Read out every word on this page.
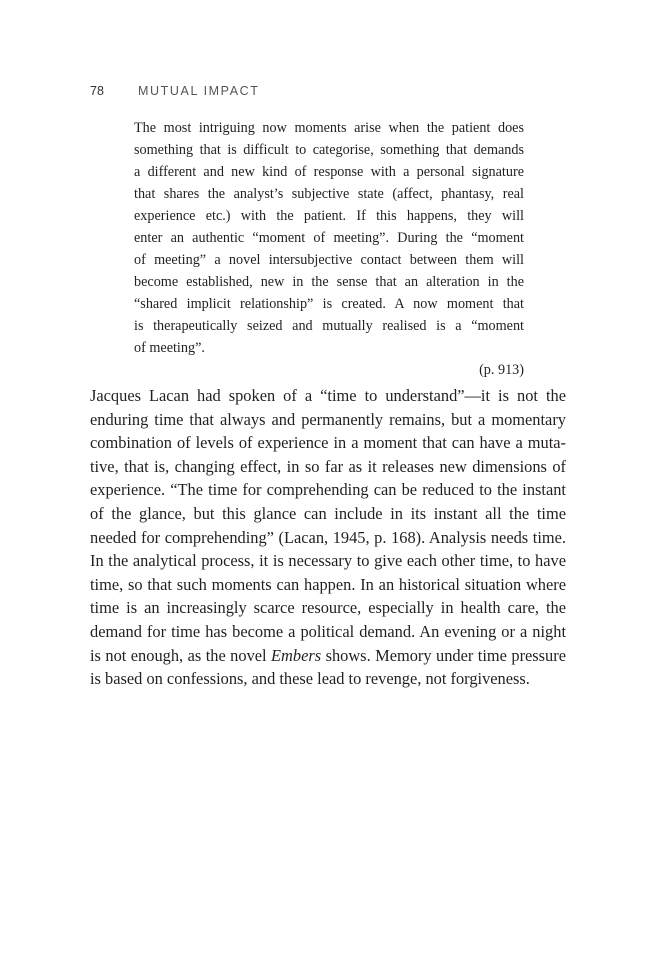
78	MUTUAL IMPACT
The most intriguing now moments arise when the patient does
something that is difficult to categorise, something that demands
a different and new kind of response with a personal signature
that shares the analyst’s subjective state (affect, phantasy, real
experience etc.) with the patient. If this happens, they will
enter an authentic “moment of meeting”. During the “moment
of meeting” a novel intersubjective contact between them will
become established, new in the sense that an alteration in the
“shared implicit relationship” is created. A now moment that
is therapeutically seized and mutually realised is a “moment
of meeting”.
(p. 913)
Jacques Lacan had spoken of a “time to understand”—it is not the
enduring time that always and permanently remains, but a momentary
combination of levels of experience in a moment that can have a muta-
tive, that is, changing effect, in so far as it releases new dimensions of
experience. “The time for comprehending can be reduced to the instant
of the glance, but this glance can include in its instant all the time
needed for comprehending” (Lacan, 1945, p. 168). Analysis needs time.
In the analytical process, it is necessary to give each other time, to have
time, so that such moments can happen. In an historical situation where
time is an increasingly scarce resource, especially in health care, the
demand for time has become a political demand. An evening or a night
is not enough, as the novel Embers shows. Memory under time pressure
is based on confessions, and these lead to revenge, not forgiveness.
